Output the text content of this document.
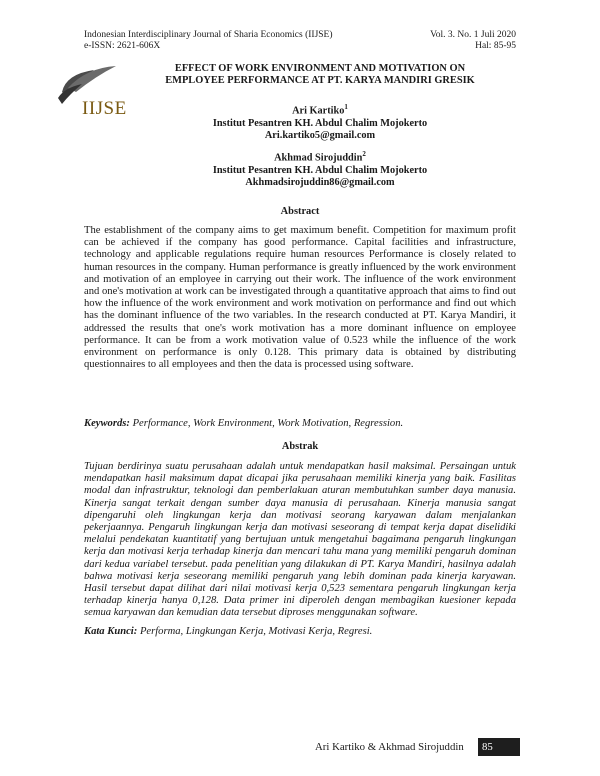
Indonesian Interdisciplinary Journal of Sharia Economics (IIJSE)
e-ISSN: 2621-606X
Vol. 3. No. 1 Juli 2020
Hal: 85-95
IIJSE
EFFECT OF WORK ENVIRONMENT AND MOTIVATION ON
EMPLOYEE PERFORMANCE AT PT. KARYA MANDIRI GRESIK
Ari Kartiko$^1$
Institut Pesantren KH. Abdul Chalim Mojokerto
Ari.kartiko5@gmail.com
Akhmad Sirojuddin$^2$
Institut Pesantren KH. Abdul Chalim Mojokerto
Akhmadsirojuddin86@gmail.com
Abstract
The establishment of the company aims to get maximum benefit. Competition for maximum profit can be achieved if the company has good performance. Capital facilities and infrastructure, technology and applicable regulations require human resources Performance is closely related to human resources in the company. Human performance is greatly influenced by the work environment and motivation of an employee in carrying out their work. The influence of the work environment and one's motivation at work can be investigated through a quantitative approach that aims to find out how the influence of the work environment and work motivation on performance and find out which has the dominant influence of the two variables. In the research conducted at PT. Karya Mandiri, it addressed the results that one's work motivation has a more dominant influence on employee performance. It can be from a work motivation value of 0.523 while the influence of the work environment on performance is only 0.128. This primary data is obtained by distributing questionnaires to all employees and then the data is processed using software.
Keywords: Performance, Work Environment, Work Motivation, Regression.
Abstrak
Tujuan berdirinya suatu perusahaan adalah untuk mendapatkan hasil maksimal. Persaingan untuk mendapatkan hasil maksimum dapat dicapai jika perusahaan memiliki kinerja yang baik. Fasilitas modal dan infrastruktur, teknologi dan pemberlakuan aturan membutuhkan sumber daya manusia. Kinerja sangat terkait dengan sumber daya manusia di perusahaan. Kinerja manusia sangat dipengaruhi oleh lingkungan kerja dan motivasi seorang karyawan dalam menjalankan pekerjaannya. Pengaruh lingkungan kerja dan motivasi seseorang di tempat kerja dapat diselidiki melalui pendekatan kuantitatif yang bertujuan untuk mengetahui bagaimana pengaruh lingkungan kerja dan motivasi kerja terhadap kinerja dan mencari tahu mana yang memiliki pengaruh dominan dari kedua variabel tersebut. pada penelitian yang dilakukan di PT. Karya Mandiri, hasilnya adalah bahwa motivasi kerja seseorang memiliki pengaruh yang lebih dominan pada kinerja karyawan. Hasil tersebut dapat dilihat dari nilai motivasi kerja 0,523 sementara pengaruh lingkungan kerja terhadap kinerja hanya 0,128. Data primer ini diperoleh dengan membagikan kuesioner kepada semua karyawan dan kemudian data tersebut diproses menggunakan software.
Kata Kunci: Performa, Lingkungan Kerja, Motivasi Kerja, Regresi.
Ari Kartiko & Akhmad Sirojuddin	85
